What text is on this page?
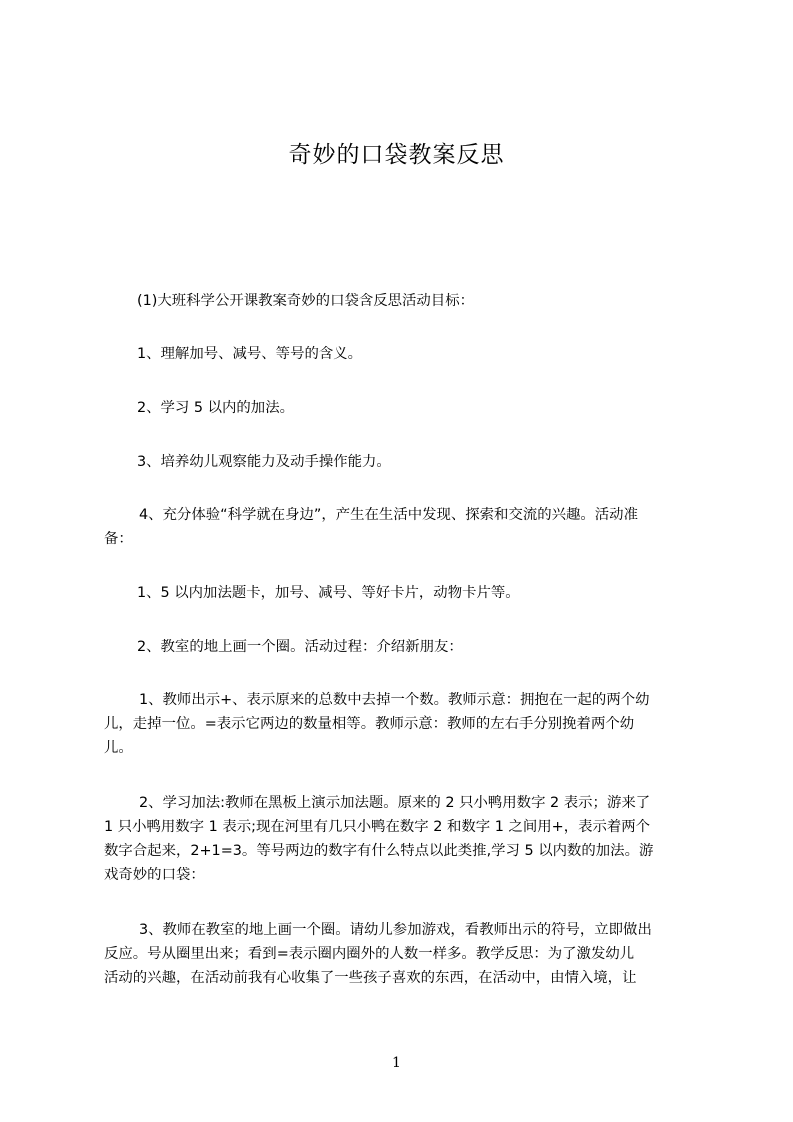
奇妙的口袋教案反思
(1)大班科学公开课教案奇妙的口袋含反思活动目标：
1、理解加号、减号、等号的含义。
2、学习 5 以内的加法。
3、培养幼儿观察能力及动手操作能力。
4、充分体验“科学就在身边”，产生在生活中发现、探索和交流的兴趣。活动准
备：
1、5 以内加法题卡，加号、减号、等好卡片，动物卡片等。
2、教室的地上画一个圈。活动过程：介绍新朋友：
1、教师出示+、表示原来的总数中去掉一个数。教师示意：拥抱在一起的两个幼
儿，走掉一位。=表示它两边的数量相等。教师示意：教师的左右手分别挽着两个幼
儿。
2、学习加法:教师在黑板上演示加法题。原来的 2 只小鸭用数字 2 表示；游来了
1 只小鸭用数字 1 表示;现在河里有几只小鸭在数字 2 和数字 1 之间用+，表示着两个
数字合起来，2+1=3。等号两边的数字有什么特点以此类推,学习 5 以内数的加法。游
戏奇妙的口袋：
3、教师在教室的地上画一个圈。请幼儿参加游戏，看教师出示的符号，立即做出
反应。号从圈里出来；看到=表示圈内圈外的人数一样多。教学反思：为了激发幼儿
活动的兴趣，在活动前我有心收集了一些孩子喜欢的东西，在活动中，由情入境，让
1
